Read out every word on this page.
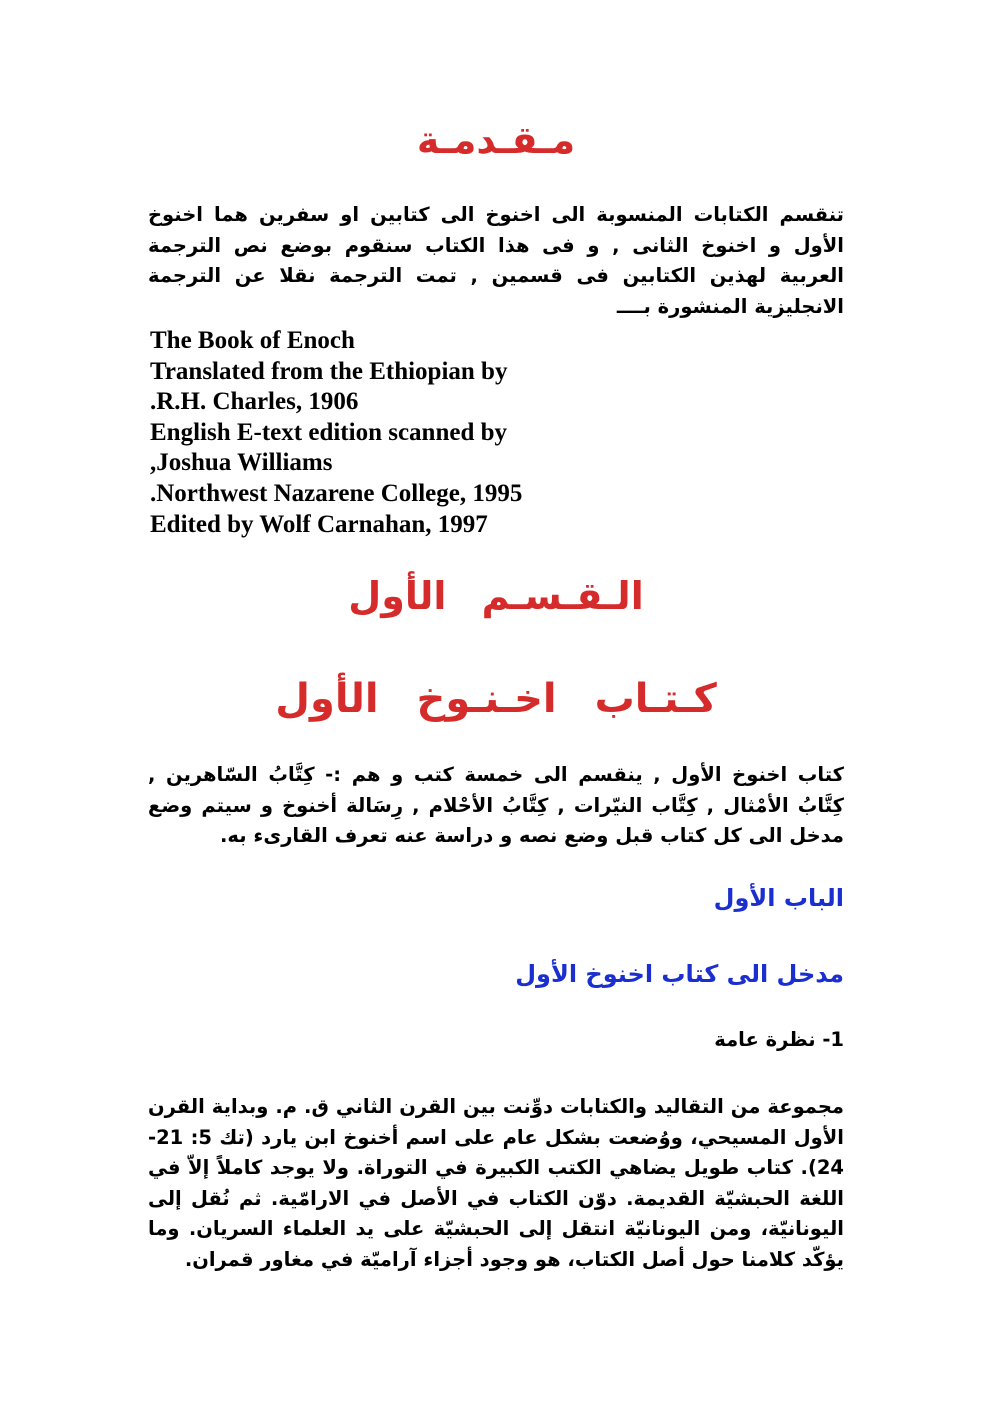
مـقـدمـة
تنقسم الكتابات المنسوبة الى اخنوخ الى كتابين او سفرين هما اخنوخ الأول و اخنوخ الثانى , و فى هذا الكتاب سنقوم بوضع نص الترجمة العربية لهذين الكتابين فى قسمين , تمت الترجمة نقلا عن الترجمة الانجليزية المنشورة بــــ
The Book of Enoch
Translated from the Ethiopian by
.R.H. Charles, 1906
English E-text edition scanned by
,Joshua Williams
.Northwest Nazarene College, 1995
Edited by Wolf Carnahan, 1997
الـقـسـم الأول
كـتـاب اخـنـوخ الأول
كتاب اخنوخ الأول , ينقسم الى خمسة كتب و هم :- كِتَّابُ السّاهرين , كِتَّابُ الأمْثال , كِتَّاب النيّرات , كِتَّابُ الأحْلام , رِسَالة أخنوخ و سيتم وضع مدخل الى كل كتاب قبل وضع نصه و دراسة عنه تعرف القارىء به.
الباب الأول
مدخل الى كتاب اخنوخ الأول
1- نظرة عامة
مجموعة من التقاليد والكتابات دوِّنت بين القرن الثاني ق. م. وبداية القرن الأول المسيحي، ووُضعت بشكل عام على اسم أخنوخ ابن يارد (تك 5: 21- 24). كتاب طويل يضاهي الكتب الكبيرة في التوراة. ولا يوجد كاملاً إلاّ في اللغة الحبشيّة القديمة. دوّن الكتاب في الأصل في الارامّية. ثم نُقل إلى اليونانيّة، ومن اليونانيّة انتقل إلى الحبشيّة على يد العلماء السريان. وما يؤكّد كلامنا حول أصل الكتاب، هو وجود أجزاء آراميّة في مغاور قمران.
